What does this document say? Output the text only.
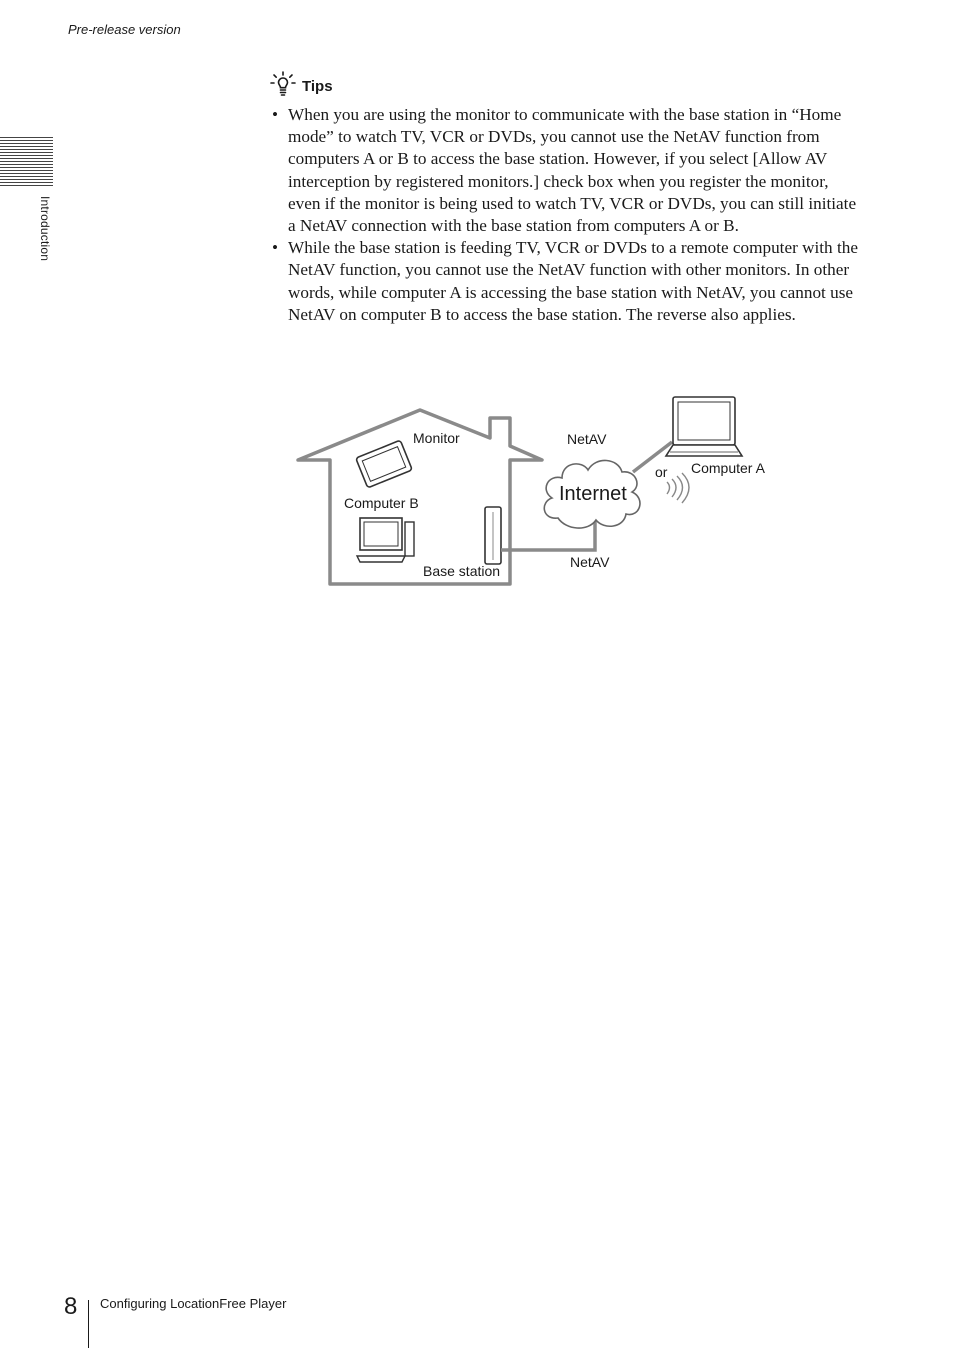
Pre-release version
Introduction
Tips
• When you are using the monitor to communicate with the base station in “Home mode” to watch TV, VCR or DVDs, you cannot use the NetAV function from computers A or B to access the base station. However, if you select [Allow AV interception by registered monitors.] check box when you register the monitor, even if the monitor is being used to watch TV, VCR or DVDs, you can still initiate a NetAV connection with the base station from computers A or B.
• While the base station is feeding TV, VCR or DVDs to a remote computer with the NetAV function, you cannot use the NetAV function with other monitors. In other words, while computer A is accessing the base station with NetAV, you cannot use NetAV on computer B to access the base station. The reverse also applies.
Monitor
Computer B
Base station
NetAV
NetAV
Internet
or Computer A
8 Configuring LocationFree Player
